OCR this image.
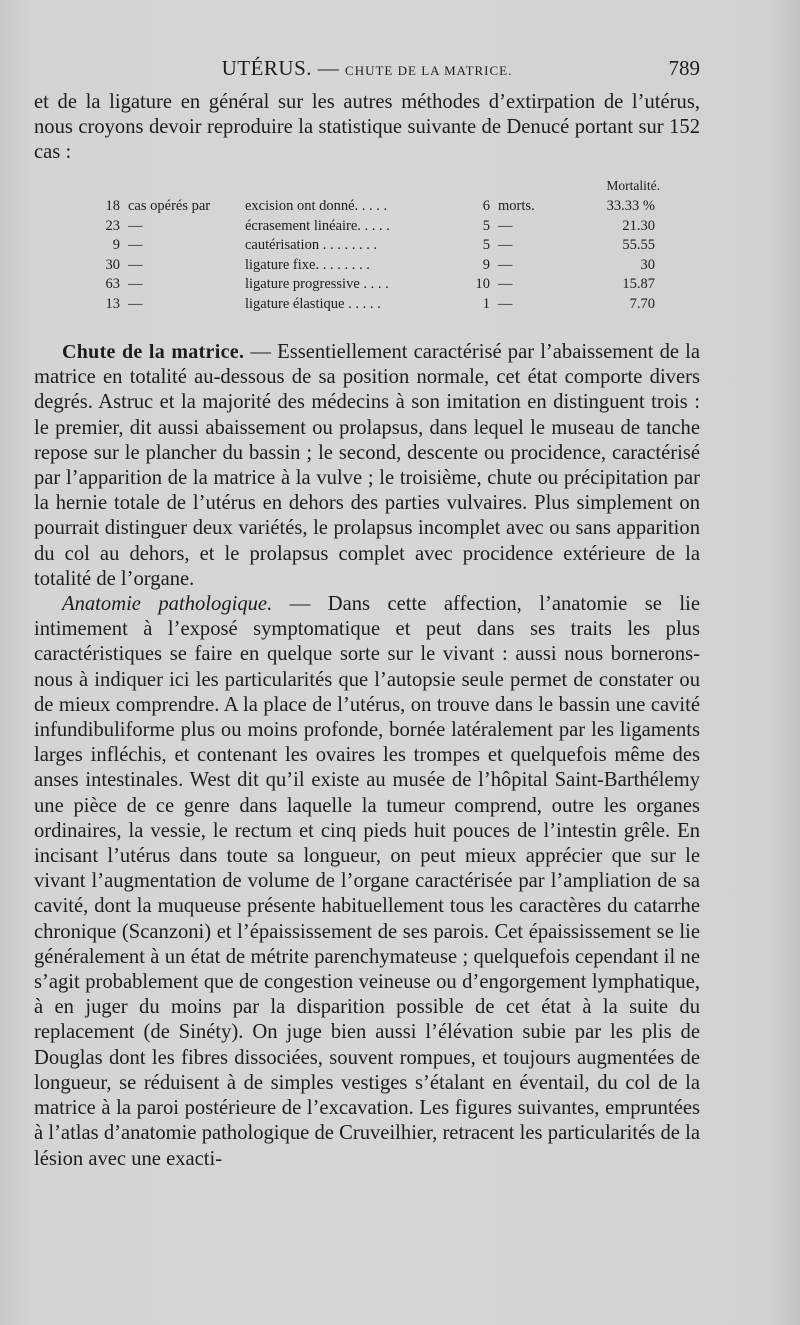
UTÉRUS. — CHUTE DE LA MATRICE.	789

et de la ligature en général sur les autres méthodes d’extirpation de l’utérus, nous croyons devoir reproduire la statistique suivante de Denucé portant sur 152 cas :

Mortalité.
18 cas opérés par excision ont donné. . . . .	6 morts.	33.33 %
23 —	écrasement linéaire. . . . .	5 —	21.30
9 —	cautérisation . . . . . . . .	5 —	55.55
30 —	ligature fixe. . . . . . . .	9 —	30
63 —	ligature progressive . . . .	10 —	15.87
13 —	ligature élastique . . . . .	1 —	7.70

Chute de la matrice. — Essentiellement caractérisé par l’abaissement de la matrice en totalité au-dessous de sa position normale, cet état comporte divers degrés. Astruc et la majorité des médecins à son imitation en distinguent trois : le premier, dit aussi abaissement ou prolapsus, dans lequel le museau de tanche repose sur le plancher du bassin ; le second, descente ou procidence, caractérisé par l’apparition de la matrice à la vulve ; le troisième, chute ou précipitation par la hernie totale de l’utérus en dehors des parties vulvaires. Plus simplement on pourrait distinguer deux variétés, le prolapsus incomplet avec ou sans apparition du col au dehors, et le prolapsus complet avec procidence extérieure de la totalité de l’organe.

Anatomie pathologique. — Dans cette affection, l’anatomie se lie intimement à l’exposé symptomatique et peut dans ses traits les plus caractéristiques se faire en quelque sorte sur le vivant : aussi nous bornerons-nous à indiquer ici les particularités que l’autopsie seule permet de constater ou de mieux comprendre. A la place de l’utérus, on trouve dans le bassin une cavité infundibuliforme plus ou moins profonde, bornée latéralement par les ligaments larges infléchis, et contenant les ovaires les trompes et quelquefois même des anses intestinales. West dit qu’il existe au musée de l’hôpital Saint-Barthélemy une pièce de ce genre dans laquelle la tumeur comprend, outre les organes ordinaires, la vessie, le rectum et cinq pieds huit pouces de l’intestin grêle. En incisant l’utérus dans toute sa longueur, on peut mieux apprécier que sur le vivant l’augmentation de volume de l’organe caractérisée par l’ampliation de sa cavité, dont la muqueuse présente habituellement tous les caractères du catarrhe chronique (Scanzoni) et l’épaississement de ses parois. Cet épaississement se lie généralement à un état de métrite parenchymateuse ; quelquefois cependant il ne s’agit probablement que de congestion veineuse ou d’engorgement lymphatique, à en juger du moins par la disparition possible de cet état à la suite du replacement (de Sinéty). On juge bien aussi l’élévation subie par les plis de Douglas dont les fibres dissociées, souvent rompues, et toujours augmentées de longueur, se réduisent à de simples vestiges s’étalant en éventail, du col de la matrice à la paroi postérieure de l’excavation. Les figures suivantes, empruntées à l’atlas d’anatomie pathologique de Cruveilhier, retracent les particularités de la lésion avec une exacti-
